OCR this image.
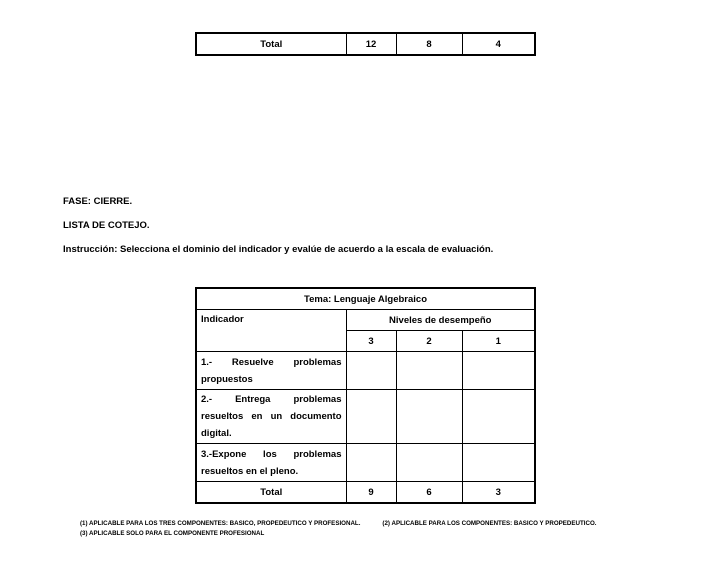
Total	12	8	4
FASE: CIERRE.
LISTA DE COTEJO.
Instrucción: Selecciona el dominio del indicador y evalúe de acuerdo a la escala de evaluación.
Tema: Lenguaje Algebraico			
Indicador	Niveles de desempeño		
	3	2	1
1.- Resuelve problemas propuestos			
2.- Entrega problemas resueltos en un documento digital.			
3.-Expone los problemas resueltos en el pleno.			
Total	9	6	3
(1) APLICABLE PARA LOS TRES COMPONENTES: BASICO, PROPEDEUTICO Y PROFESIONAL.	(2) APLICABLE PARA LOS COMPONENTES: BASICO Y PROPEDEUTICO.
(3) APLICABLE SOLO PARA EL COMPONENTE PROFESIONAL
